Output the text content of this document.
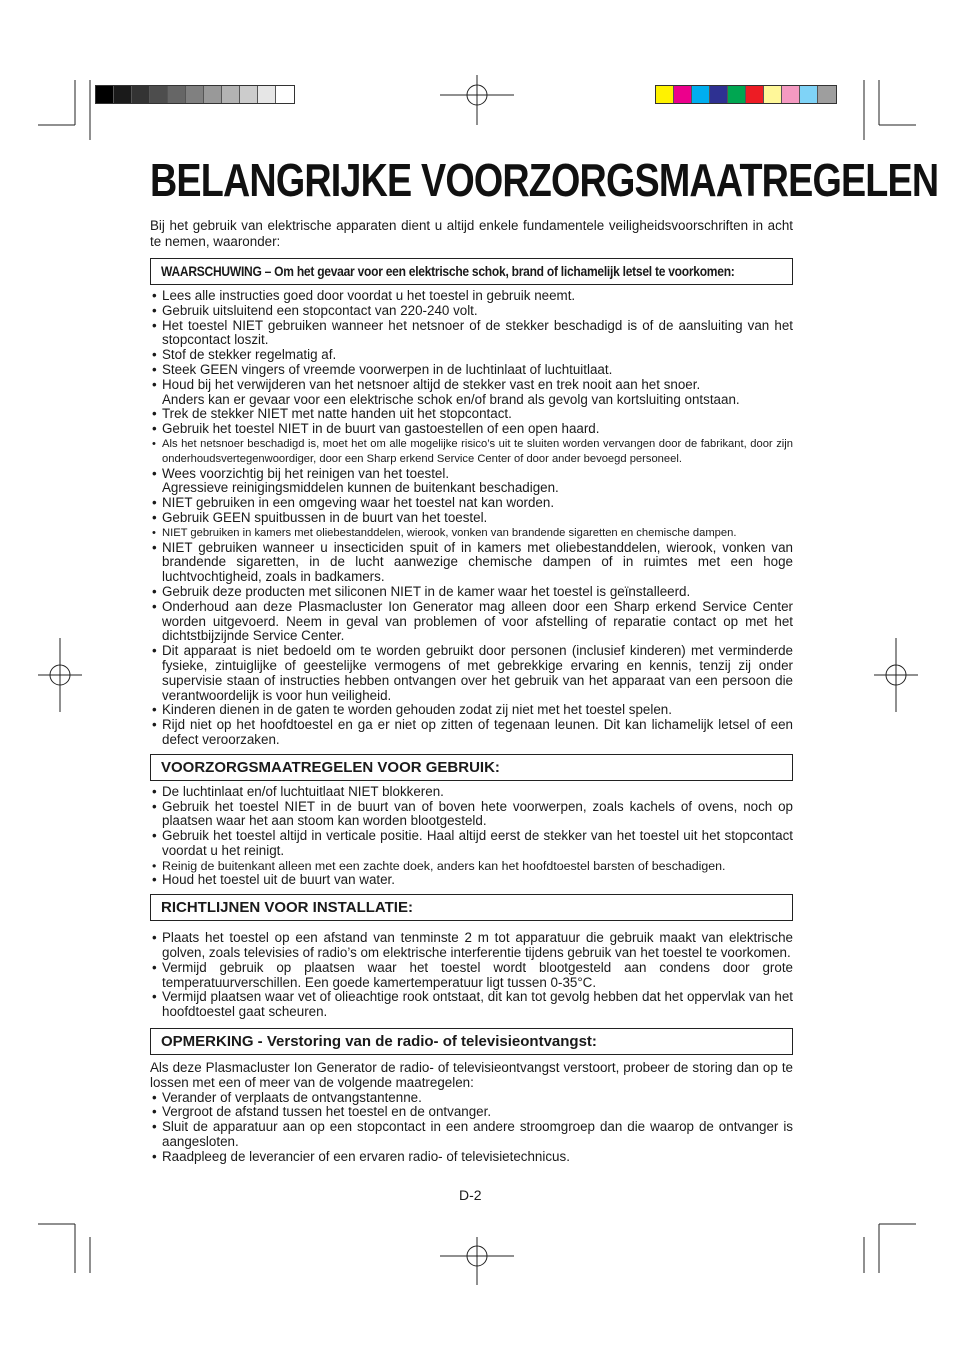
BELANGRIJKE VOORZORGSMAATREGELEN
Bij het gebruik van elektrische apparaten dient u altijd enkele fundamentele veiligheidsvoorschriften in acht te nemen, waaronder:
WAARSCHUWING – Om het gevaar voor een elektrische schok, brand of lichamelijk letsel te voorkomen:
• Lees alle instructies goed door voordat u het toestel in gebruik neemt.
• Gebruik uitsluitend een stopcontact van 220-240 volt.
• Het toestel NIET gebruiken wanneer het netsnoer of de stekker beschadigd is of de aansluiting van het stopcontact loszit.
• Stof de stekker regelmatig af.
• Steek GEEN vingers of vreemde voorwerpen in de luchtinlaat of luchtuitlaat.
• Houd bij het verwijderen van het netsnoer altijd de stekker vast en trek nooit aan het snoer.
Anders kan er gevaar voor een elektrische schok en/of brand als gevolg van kortsluiting ontstaan.
• Trek de stekker NIET met natte handen uit het stopcontact.
• Gebruik het toestel NIET in de buurt van gastoestellen of een open haard.
• Als het netsnoer beschadigd is, moet het om alle mogelijke risico’s uit te sluiten worden vervangen door de fabrikant, door zijn onderhoudsvertegenwoordiger, door een Sharp erkend Service Center of door ander bevoegd personeel.
• Wees voorzichtig bij het reinigen van het toestel.
Agressieve reinigingsmiddelen kunnen de buitenkant beschadigen.
• NIET gebruiken in een omgeving waar het toestel nat kan worden.
• Gebruik GEEN spuitbussen in de buurt van het toestel.
• NIET gebruiken in kamers met oliebestanddelen, wierook, vonken van brandende sigaretten en chemische dampen.
• NIET gebruiken wanneer u insecticiden spuit of in kamers met oliebestanddelen, wierook, vonken van brandende sigaretten, in de lucht aanwezige chemische dampen of in ruimtes met een hoge luchtvochtigheid, zoals in badkamers.
• Gebruik deze producten met siliconen NIET in de kamer waar het toestel is geïnstalleerd.
• Onderhoud aan deze Plasmacluster Ion Generator mag alleen door een Sharp erkend Service Center worden uitgevoerd. Neem in geval van problemen of voor afstelling of reparatie contact op met het dichtstbijzijnde Service Center.
• Dit apparaat is niet bedoeld om te worden gebruikt door personen (inclusief kinderen) met verminderde fysieke, zintuiglijke of geestelijke vermogens of met gebrekkige ervaring en kennis, tenzij zij onder supervisie staan of instructies hebben ontvangen over het gebruik van het apparaat van een persoon die verantwoordelijk is voor hun veiligheid.
• Kinderen dienen in de gaten te worden gehouden zodat zij niet met het toestel spelen.
• Rijd niet op het hoofdtoestel en ga er niet op zitten of tegenaan leunen. Dit kan lichamelijk letsel of een defect veroorzaken.
VOORZORGSMAATREGELEN VOOR GEBRUIK:
• De luchtinlaat en/of luchtuitlaat NIET blokkeren.
• Gebruik het toestel NIET in de buurt van of boven hete voorwerpen, zoals kachels of ovens, noch op plaatsen waar het aan stoom kan worden blootgesteld.
• Gebruik het toestel altijd in verticale positie. Haal altijd eerst de stekker van het toestel uit het stopcontact voordat u het reinigt.
• Reinig de buitenkant alleen met een zachte doek, anders kan het hoofdtoestel barsten of beschadigen.
• Houd het toestel uit de buurt van water.
RICHTLIJNEN VOOR INSTALLATIE:
• Plaats het toestel op een afstand van tenminste 2 m tot apparatuur die gebruik maakt van elektrische golven, zoals televisies of radio’s om elektrische interferentie tijdens gebruik van het toestel te voorkomen.
• Vermijd gebruik op plaatsen waar het toestel wordt blootgesteld aan condens door grote temperatuurverschillen. Een goede kamertemperatuur ligt tussen 0-35°C.
• Vermijd plaatsen waar vet of olieachtige rook ontstaat, dit kan tot gevolg hebben dat het oppervlak van het hoofdtoestel gaat scheuren.
OPMERKING - Verstoring van de radio- of televisieontvangst:
Als deze Plasmacluster Ion Generator de radio- of televisieontvangst verstoort, probeer de storing dan op te lossen met een of meer van de volgende maatregelen:
• Verander of verplaats de ontvangstantenne.
• Vergroot de afstand tussen het toestel en de ontvanger.
• Sluit de apparatuur aan op een stopcontact in een andere stroomgroep dan die waarop de ontvanger is aangesloten.
• Raadpleeg de leverancier of een ervaren radio- of televisietechnicus.
D-2
